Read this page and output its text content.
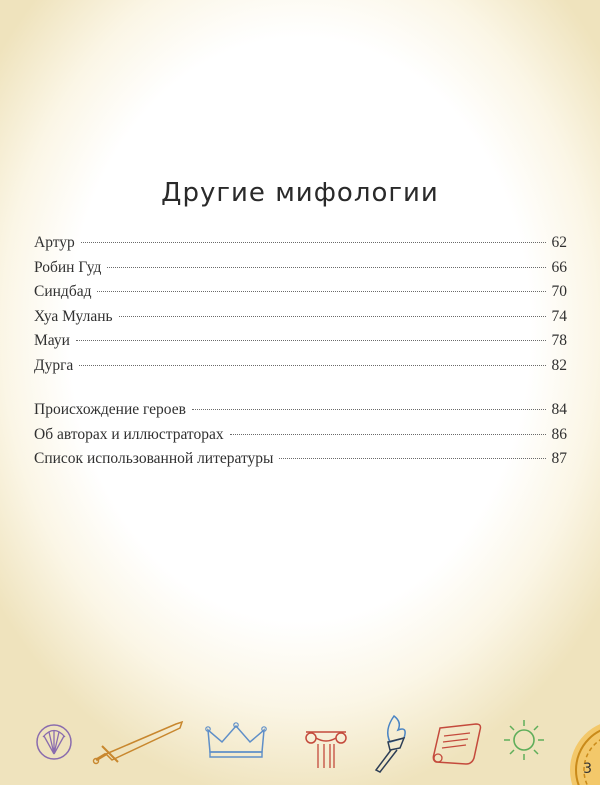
Другие мифологии
Артур	62
Робин Гуд	66
Синдбад	70
Хуа Мулань	74
Мауи	78
Дурга	82
Происхождение героев	84
Об авторах и иллюстраторах	86
Список использованной литературы	87
3
